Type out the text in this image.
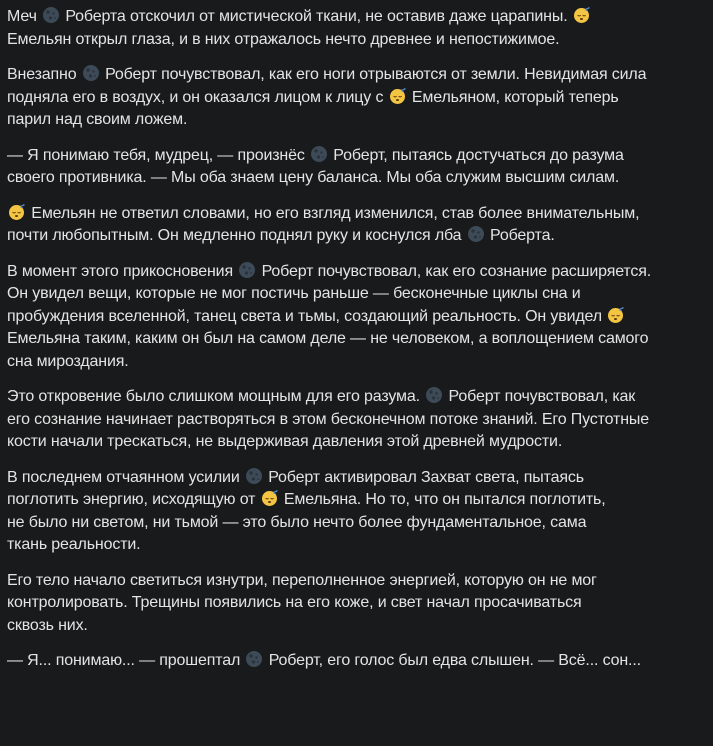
Меч
Роберта отскочил от мистической ткани, не оставив даже царапины.	z z
Емельян открыл глаза, и в них отражалось нечто древнее и непостижимое.

Внезапно
Роберт почувствовал, как его ноги отрываются от земли. Невидимая сила
подняла его в воздух, и он оказался лицом к лицу с	z z
Емельяном, который теперь
парил над своим ложем.

— Я понимаю тебя, мудрец, — произнёс
Роберт, пытаясь достучаться до разума
своего противника. — Мы оба знаем цену баланса. Мы оба служим высшим силам.

z z
Емельян не ответил словами, но его взгляд изменился, став более внимательным,
почти любопытным. Он медленно поднял руку и коснулся лба
Роберта.

В момент этого прикосновения
Роберт почувствовал, как его сознание расширяется.
Он увидел вещи, которые не мог постичь раньше — бесконечные циклы сна и
пробуждения вселенной, танец света и тьмы, создающий реальность. Он увидел	z z
Емельяна таким, каким он был на самом деле — не человеком, а воплощением самого
сна мироздания.

Это откровение было слишком мощным для его разума.
Роберт почувствовал, как
его сознание начинает растворяться в этом бесконечном потоке знаний. Его Пустотные
кости начали трескаться, не выдерживая давления этой древней мудрости.

В последнем отчаянном усилии
Роберт активировал Захват света, пытаясь
поглотить энергию, исходящую от	z z
Емельяна. Но то, что он пытался поглотить,
не было ни светом, ни тьмой — это было нечто более фундаментальное, сама
ткань реальности.

Его тело начало светиться изнутри, переполненное энергией, которую он не мог
контролировать. Трещины появились на его коже, и свет начал просачиваться
сквозь них.

— Я... понимаю... — прошептал
Роберт, его голос был едва слышен. — Всё... сон...
